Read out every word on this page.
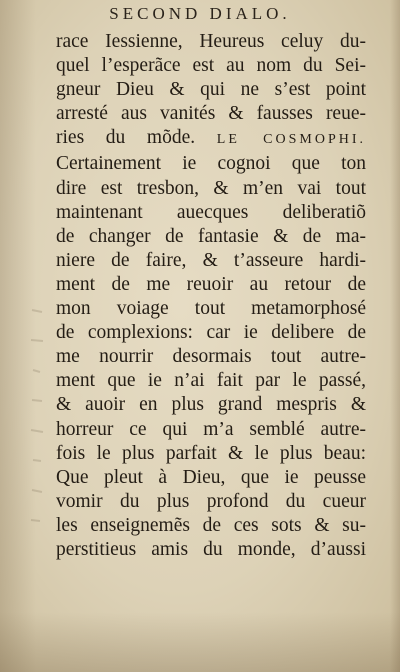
SECOND DIALO.
race Iessienne, Heureus celuy du-
quel l’esperãce est au nom du Sei-
gneur Dieu & qui ne s’est point
arresté aus vanités & fausses reue-
ries du mõde. LE COSMOPHI.
Certainement ie cognoi que ton
dire est tresbon, & m’en vai tout
maintenant auecques deliberatiõ
de changer de fantasie & de ma-
niere de faire, & t’asseure hardi-
ment de me reuoir au retour de
mon voiage tout metamorphosé
de complexions: car ie delibere de
me nourrir desormais tout autre-
ment que ie n’ai fait par le passé,
& auoir en plus grand mespris &
horreur ce qui m’a semblé autre-
fois le plus parfait & le plus beau:
Que pleut à Dieu, que ie peusse
vomir du plus profond du cueur
les enseignemẽs de ces sots & su-
perstitieus amis du monde, d’aussi
